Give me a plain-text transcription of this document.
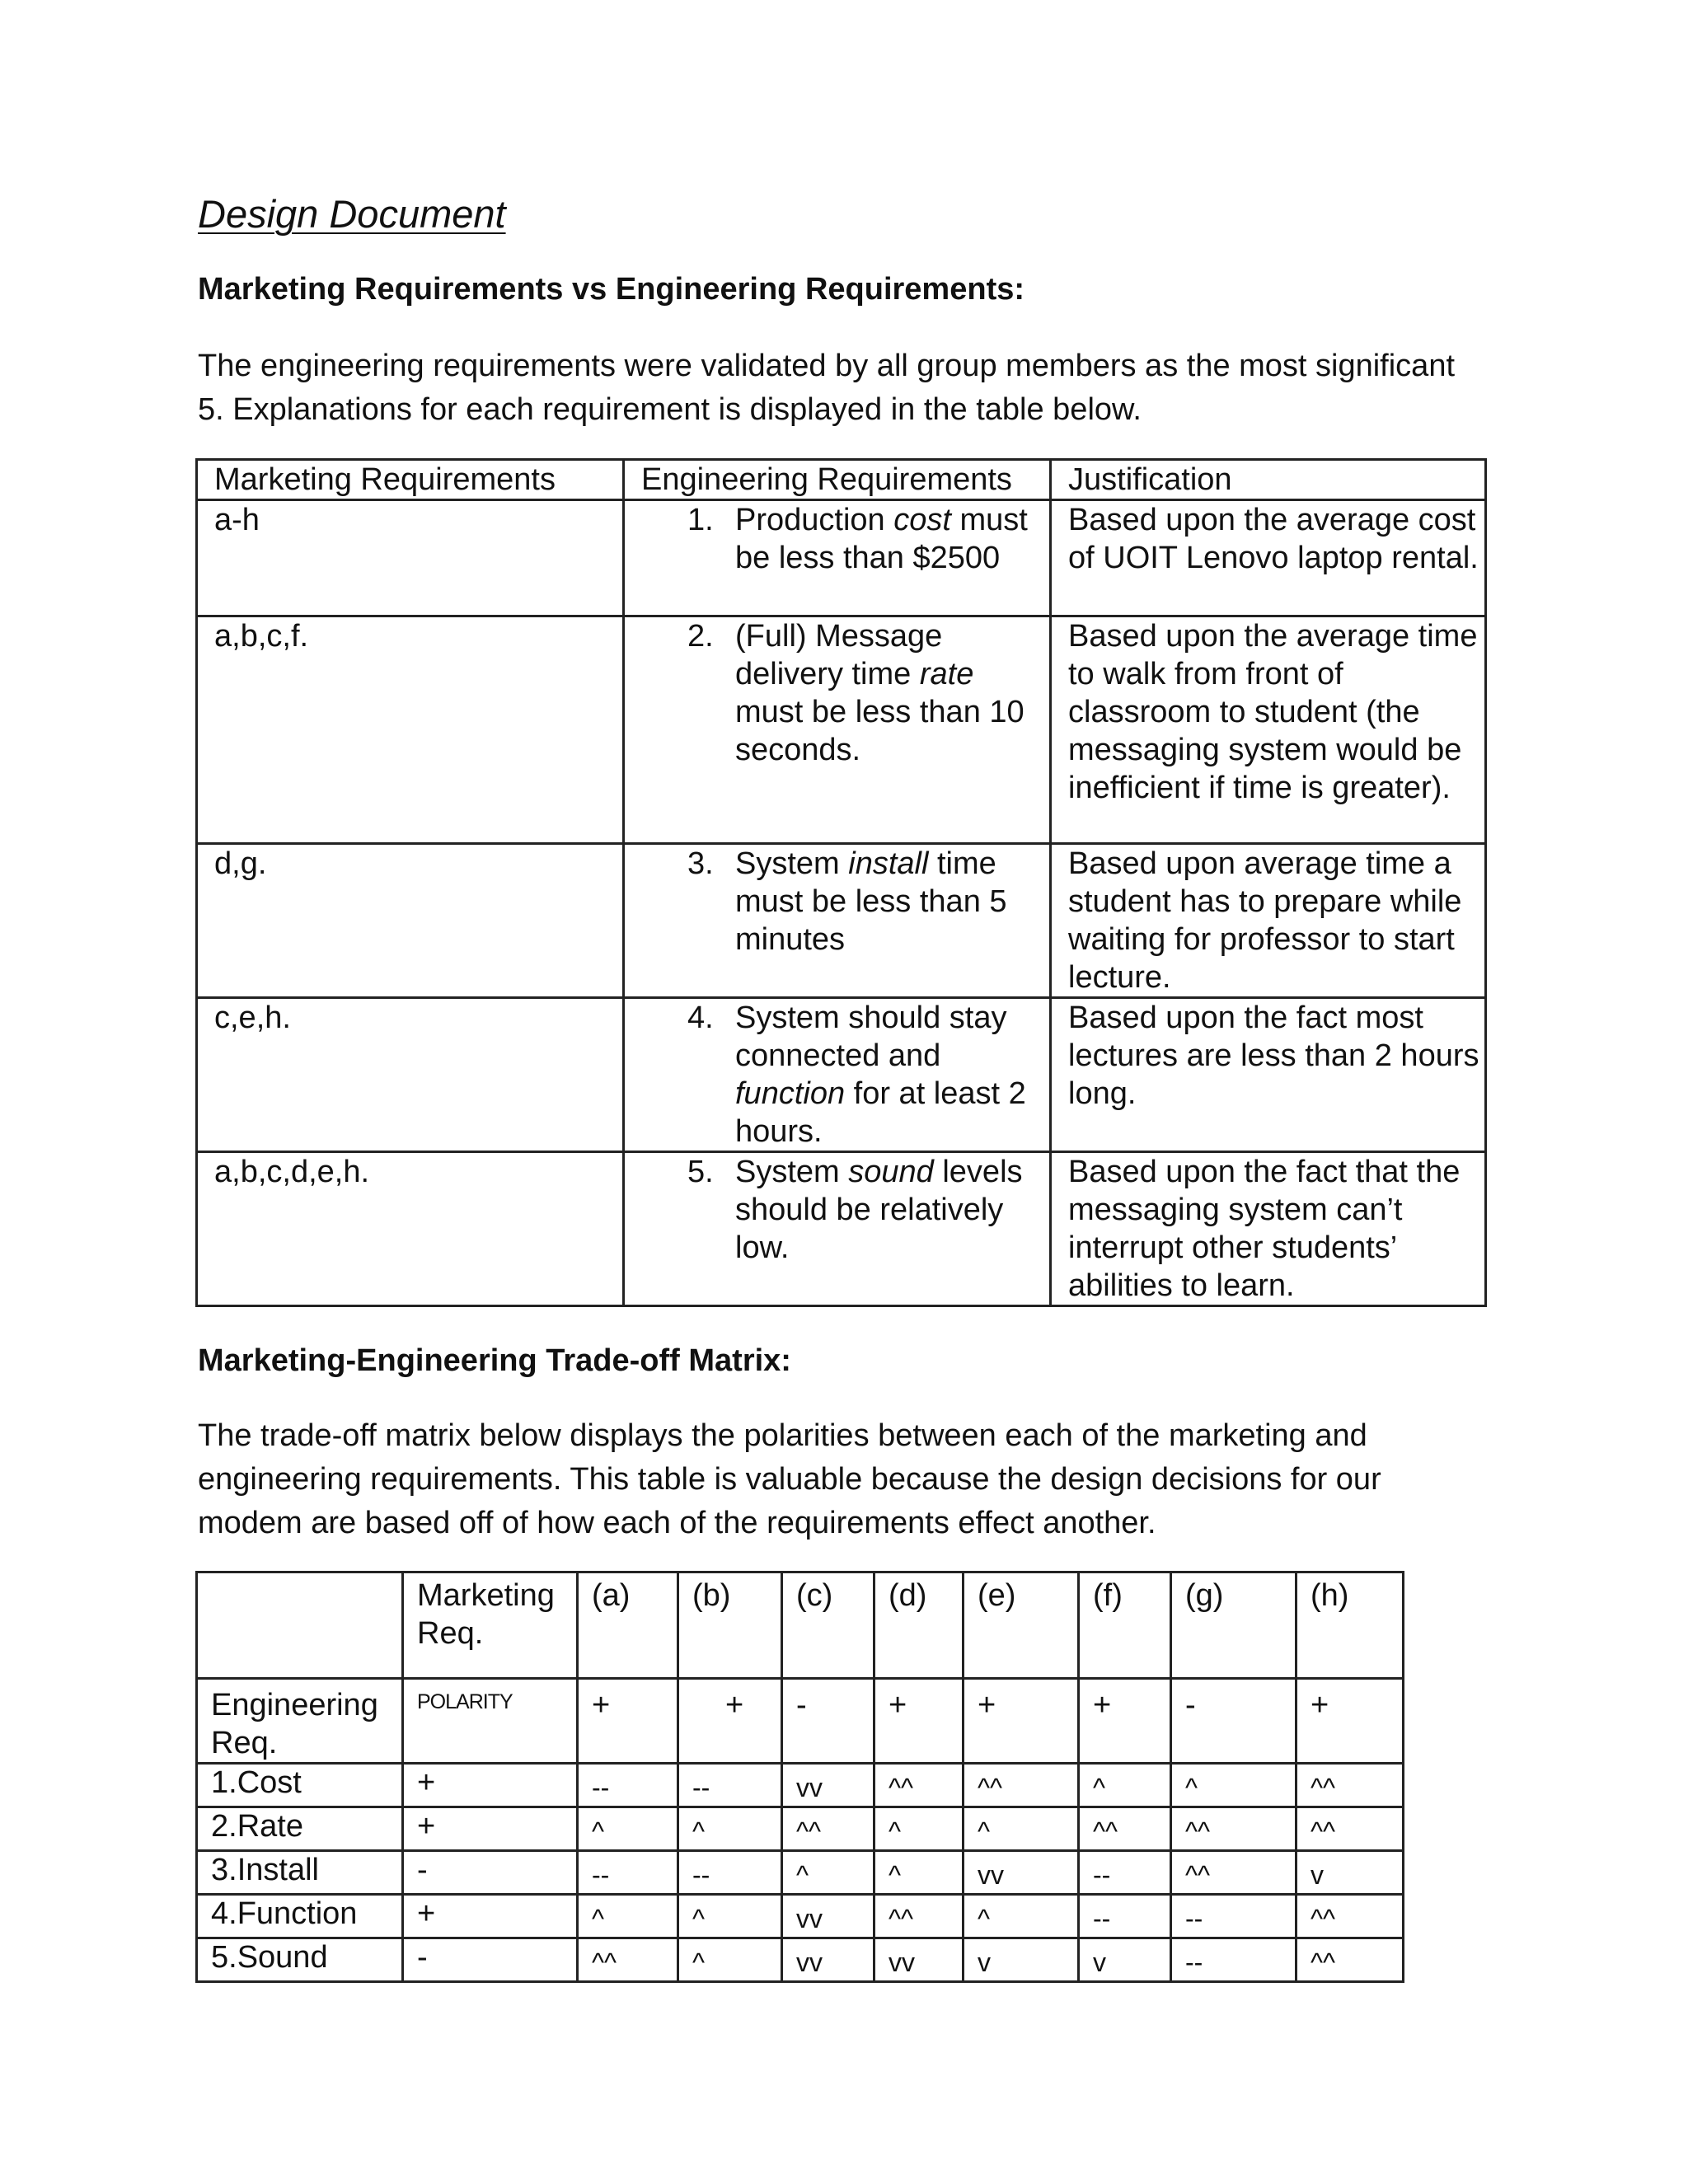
Design Document
Marketing Requirements vs Engineering Requirements:

The engineering requirements were validated by all group members as the most significant 5. Explanations for each requirement is displayed in the table below.

Marketing Requirements	Engineering Requirements	Justification
a-h	1. Production cost must be less than $2500	Based upon the average cost of UOIT Lenovo laptop rental.
a,b,c,f.	2. (Full) Message delivery time rate must be less than 10 seconds.	Based upon the average time to walk from front of classroom to student (the messaging system would be inefficient if time is greater).
d,g.	3. System install time must be less than 5 minutes	Based upon average time a student has to prepare while waiting for professor to start lecture.
c,e,h.	4. System should stay connected and function for at least 2 hours.	Based upon the fact most lectures are less than 2 hours long.
a,b,c,d,e,h.	5. System sound levels should be relatively low.	Based upon the fact that the messaging system can’t interrupt other students’ abilities to learn.
Marketing-Engineering Trade-off Matrix:

The trade-off matrix below displays the polarities between each of the marketing and engineering requirements. This table is valuable because the design decisions for our modem are based off of how each of the requirements effect another.

	Marketing Req.	(a)	(b)	(c)	(d)	(e)	(f)	(g)	(h)
Engineering Req.	POLARITY	+	+	-	+	+	+	-	+
1.Cost	+	--	--	vv	^^	^^	^	^	^^
2.Rate	+	^	^	^^	^	^	^^	^^	^^
3.Install	-	--	--	^	^	vv	--	^^	v
4.Function	+	^	^	vv	^^	^	--	--	^^
5.Sound	-	^^	^	vv	vv	v	v	--	^^
